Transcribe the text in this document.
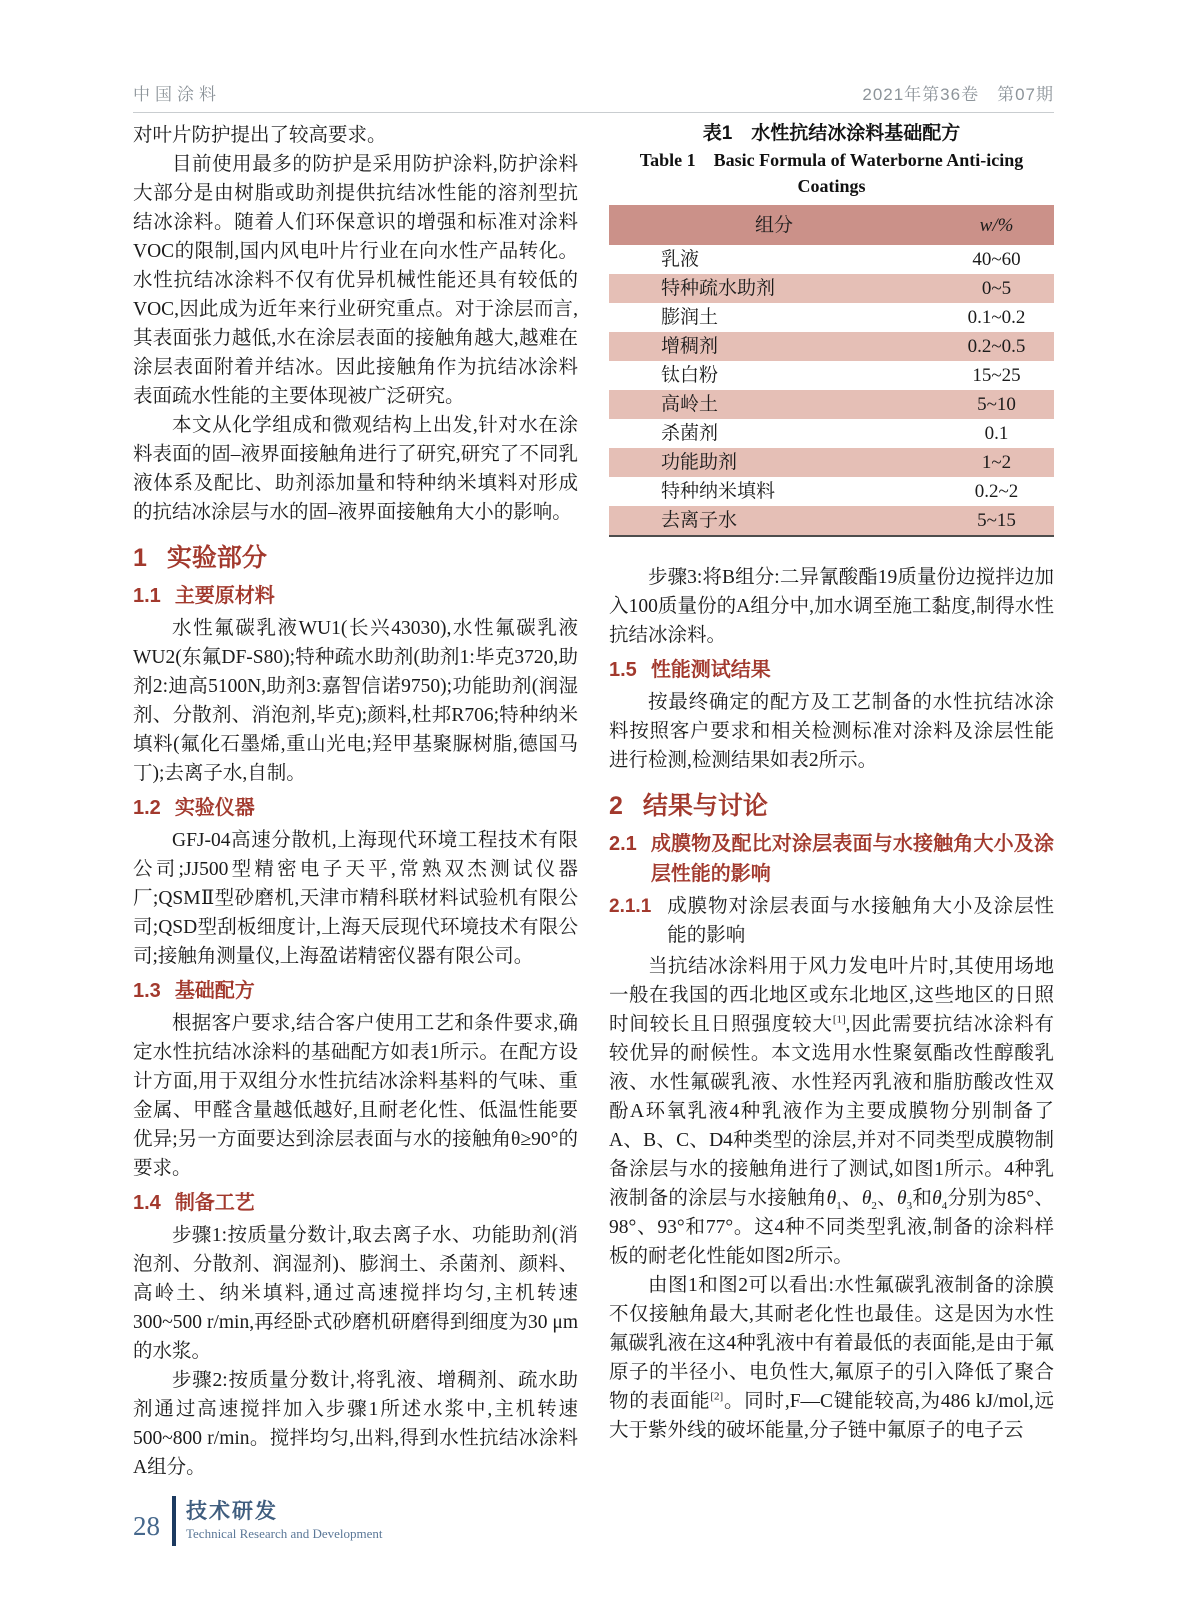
中国涂料	2021年第36卷　第07期

对叶片防护提出了较高要求。

目前使用最多的防护是采用防护涂料,防护涂料大部分是由树脂或助剂提供抗结冰性能的溶剂型抗结冰涂料。随着人们环保意识的增强和标准对涂料VOC的限制,国内风电叶片行业在向水性产品转化。水性抗结冰涂料不仅有优异机械性能还具有较低的VOC,因此成为近年来行业研究重点。对于涂层而言,其表面张力越低,水在涂层表面的接触角越大,越难在涂层表面附着并结冰。因此接触角作为抗结冰涂料表面疏水性能的主要体现被广泛研究。

本文从化学组成和微观结构上出发,针对水在涂料表面的固–液界面接触角进行了研究,研究了不同乳液体系及配比、助剂添加量和特种纳米填料对形成的抗结冰涂层与水的固–液界面接触角大小的影响。

1 实验部分
1.1 主要原材料

水性氟碳乳液WU1(长兴43030),水性氟碳乳液WU2(东氟DF-S80);特种疏水助剂(助剂1:毕克3720,助剂2:迪高5100N,助剂3:嘉智信诺9750);功能助剂(润湿剂、分散剂、消泡剂,毕克);颜料,杜邦R706;特种纳米填料(氟化石墨烯,重山光电;羟甲基聚脲树脂,德国马丁);去离子水,自制。

1.2 实验仪器

GFJ-04高速分散机,上海现代环境工程技术有限公司;JJ500型精密电子天平,常熟双杰测试仪器厂;QSMⅡ型砂磨机,天津市精科联材料试验机有限公司;QSD型刮板细度计,上海天辰现代环境技术有限公司;接触角测量仪,上海盈诺精密仪器有限公司。

1.3 基础配方

根据客户要求,结合客户使用工艺和条件要求,确定水性抗结冰涂料的基础配方如表1所示。在配方设计方面,用于双组分水性抗结冰涂料基料的气味、重金属、甲醛含量越低越好,且耐老化性、低温性能要优异;另一方面要达到涂层表面与水的接触角θ≥90°的要求。

1.4 制备工艺

步骤1:按质量分数计,取去离子水、功能助剂(消泡剂、分散剂、润湿剂)、膨润土、杀菌剂、颜料、高岭土、纳米填料,通过高速搅拌均匀,主机转速300~500 r/min,再经卧式砂磨机研磨得到细度为30 μm的水浆。

步骤2:按质量分数计,将乳液、增稠剂、疏水助剂通过高速搅拌加入步骤1所述水浆中,主机转速500~800 r/min。搅拌均匀,出料,得到水性抗结冰涂料A组分。

表1　水性抗结冰涂料基础配方
Table 1　Basic Formula of Waterborne Anti-icing Coatings
组分	w/%
乳液	40~60
特种疏水助剂	0~5
膨润土	0.1~0.2
增稠剂	0.2~0.5
钛白粉	15~25
高岭土	5~10
杀菌剂	0.1
功能助剂	1~2
特种纳米填料	0.2~2
去离子水	5~15

步骤3:将B组分:二异氰酸酯19质量份边搅拌边加入100质量份的A组分中,加水调至施工黏度,制得水性抗结冰涂料。

1.5 性能测试结果

按最终确定的配方及工艺制备的水性抗结冰涂料按照客户要求和相关检测标准对涂料及涂层性能进行检测,检测结果如表2所示。

2 结果与讨论
2.1 成膜物及配比对涂层表面与水接触角大小及涂层性能的影响
2.1.1 成膜物对涂层表面与水接触角大小及涂层性能的影响

当抗结冰涂料用于风力发电叶片时,其使用场地一般在我国的西北地区或东北地区,这些地区的日照时间较长且日照强度较大[1],因此需要抗结冰涂料有较优异的耐候性。本文选用水性聚氨酯改性醇酸乳液、水性氟碳乳液、水性羟丙乳液和脂肪酸改性双酚A环氧乳液4种乳液作为主要成膜物分别制备了A、B、C、D4种类型的涂层,并对不同类型成膜物制备涂层与水的接触角进行了测试,如图1所示。4种乳液制备的涂层与水接触角$\theta_1$、$\theta_2$、$\theta_3$和$\theta_4$分别为85°、98°、93°和77°。这4种不同类型乳液,制备的涂料样板的耐老化性能如图2所示。

由图1和图2可以看出:水性氟碳乳液制备的涂膜不仅接触角最大,其耐老化性也最佳。这是因为水性氟碳乳液在这4种乳液中有着最低的表面能,是由于氟原子的半径小、电负性大,氟原子的引入降低了聚合物的表面能[2]。同时,F—C键能较高,为486 kJ/mol,远大于紫外线的破坏能量,分子链中氟原子的电子云

28 技术研发
Technical Research and Development
